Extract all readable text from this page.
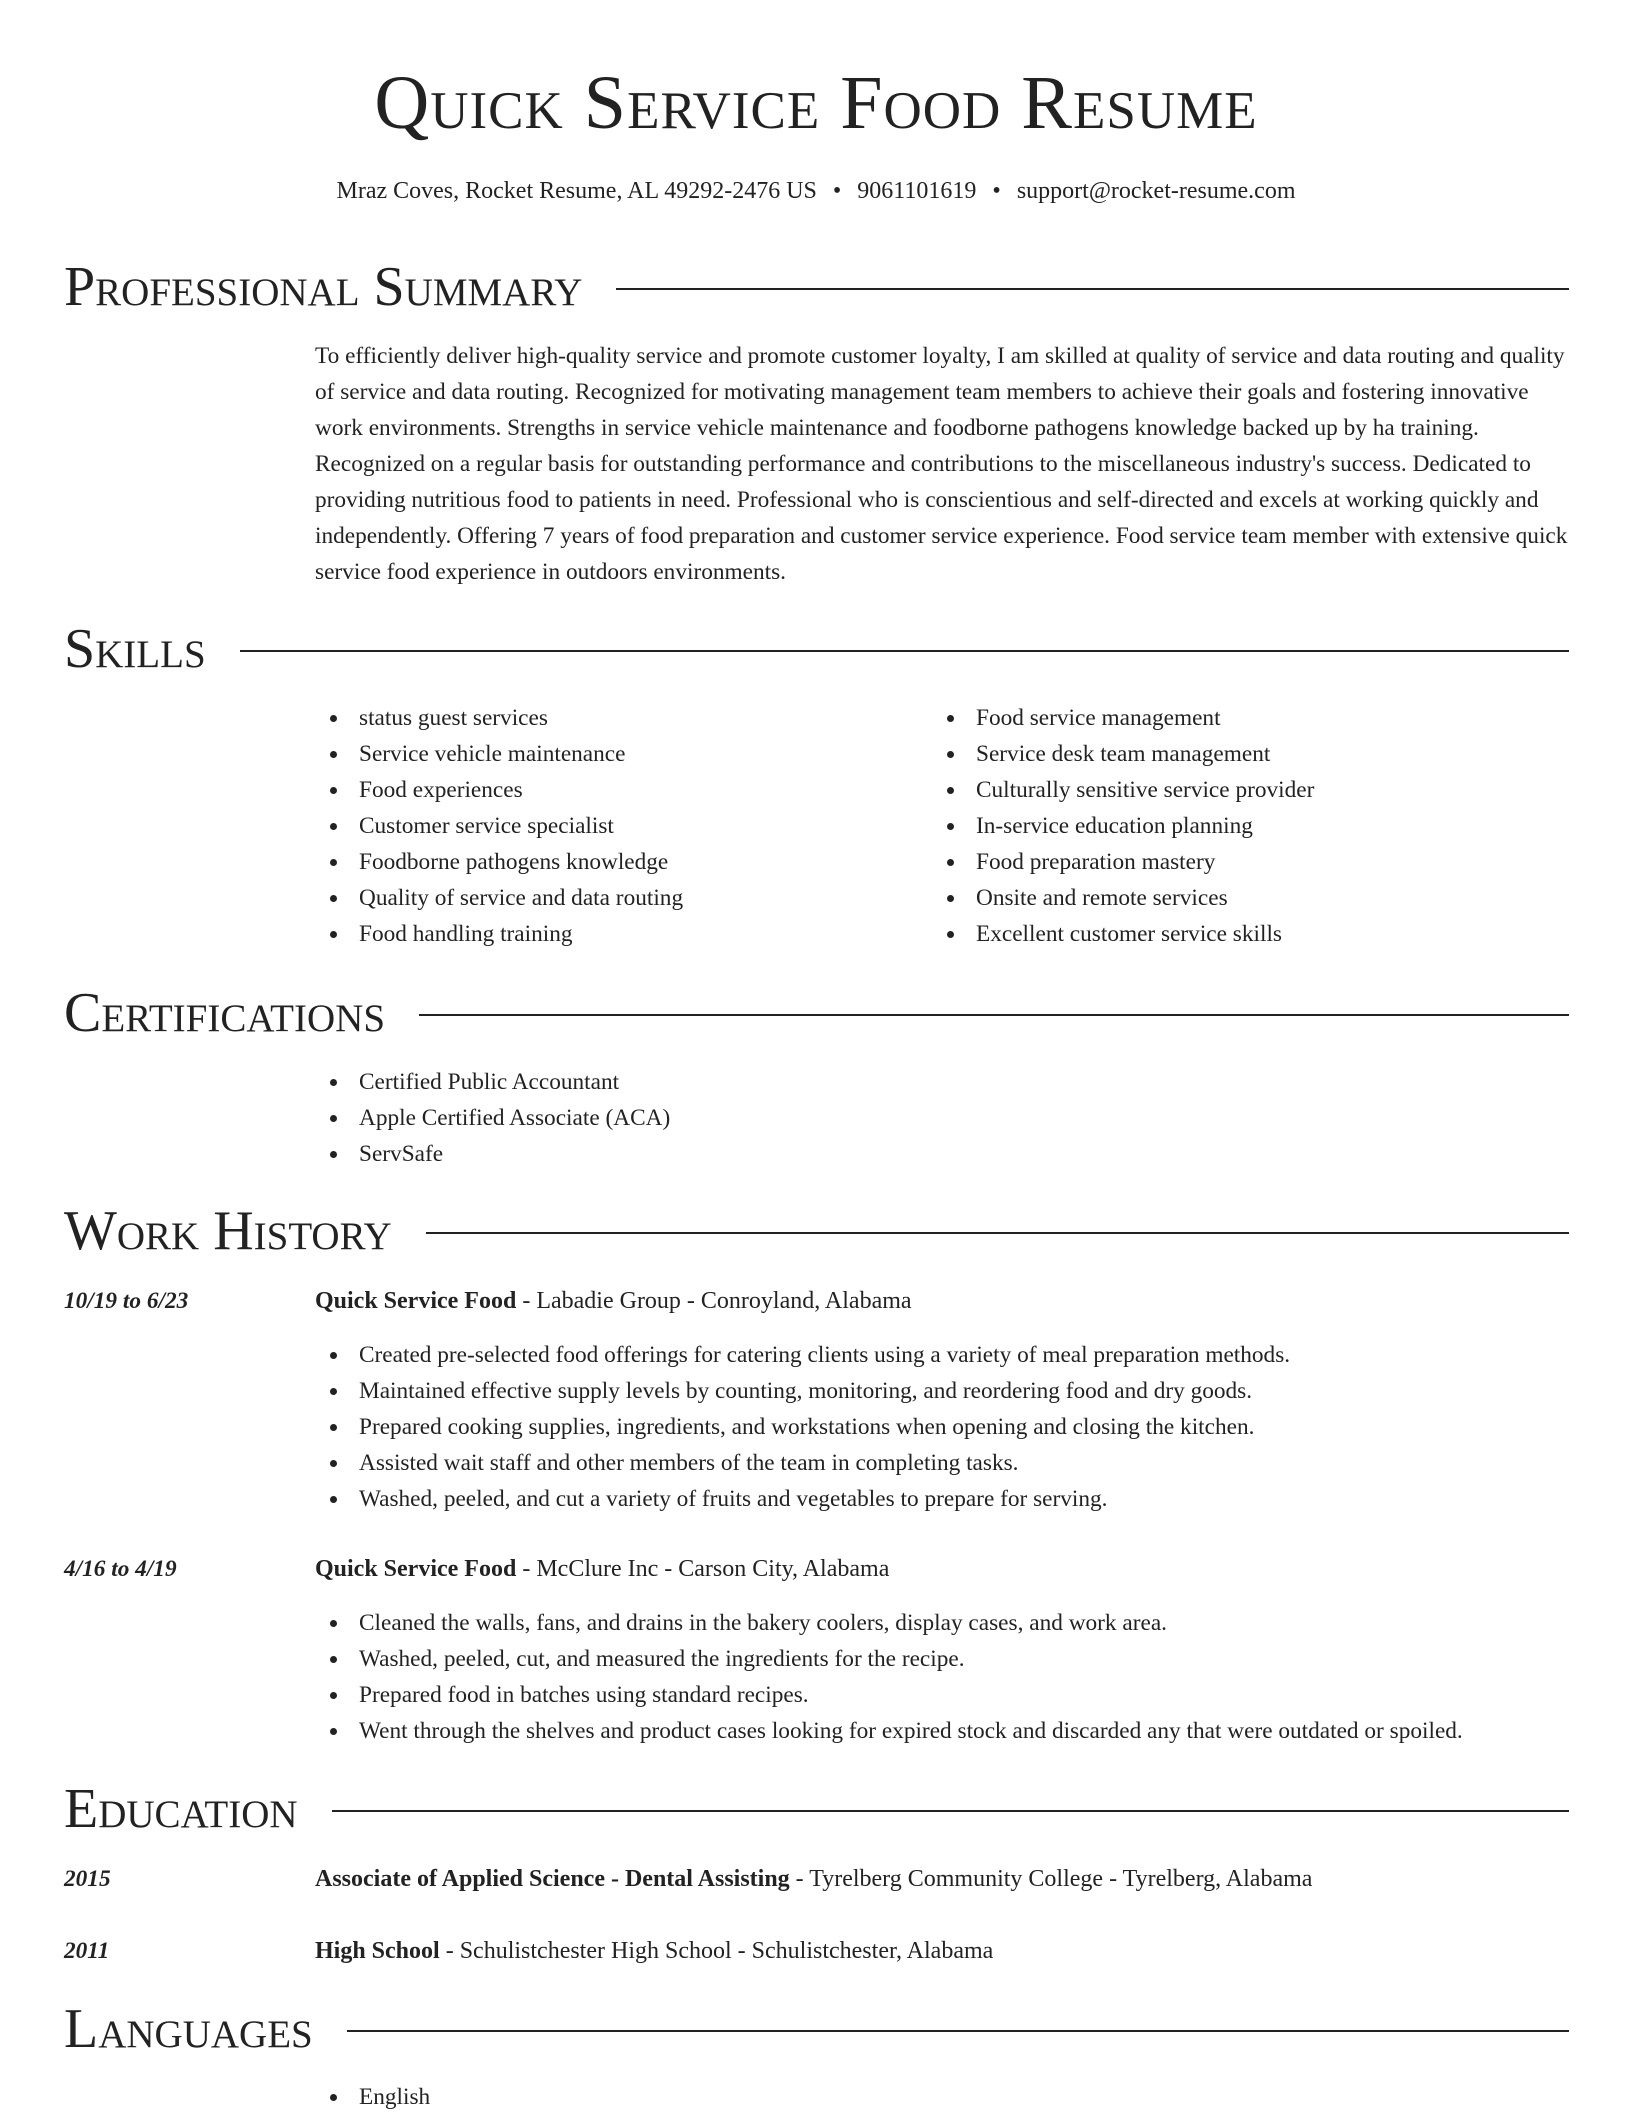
Quick Service Food Resume
Mraz Coves, Rocket Resume, AL 49292-2476 US • 9061101619 • support@rocket-resume.com
Professional Summary
To efficiently deliver high-quality service and promote customer loyalty, I am skilled at quality of service and data routing and quality of service and data routing. Recognized for motivating management team members to achieve their goals and fostering innovative work environments. Strengths in service vehicle maintenance and foodborne pathogens knowledge backed up by ha training. Recognized on a regular basis for outstanding performance and contributions to the miscellaneous industry's success. Dedicated to providing nutritious food to patients in need. Professional who is conscientious and self-directed and excels at working quickly and independently. Offering 7 years of food preparation and customer service experience. Food service team member with extensive quick service food experience in outdoors environments.
Skills
status guest services
Service vehicle maintenance
Food experiences
Customer service specialist
Foodborne pathogens knowledge
Quality of service and data routing
Food handling training
Food service management
Service desk team management
Culturally sensitive service provider
In-service education planning
Food preparation mastery
Onsite and remote services
Excellent customer service skills
Certifications
Certified Public Accountant
Apple Certified Associate (ACA)
ServSafe
Work History
10/19 to 6/23	Quick Service Food - Labadie Group - Conroyland, Alabama
Created pre-selected food offerings for catering clients using a variety of meal preparation methods.
Maintained effective supply levels by counting, monitoring, and reordering food and dry goods.
Prepared cooking supplies, ingredients, and workstations when opening and closing the kitchen.
Assisted wait staff and other members of the team in completing tasks.
Washed, peeled, and cut a variety of fruits and vegetables to prepare for serving.
4/16 to 4/19	Quick Service Food - McClure Inc - Carson City, Alabama
Cleaned the walls, fans, and drains in the bakery coolers, display cases, and work area.
Washed, peeled, cut, and measured the ingredients for the recipe.
Prepared food in batches using standard recipes.
Went through the shelves and product cases looking for expired stock and discarded any that were outdated or spoiled.
Education
2015	Associate of Applied Science - Dental Assisting - Tyrelberg Community College - Tyrelberg, Alabama
2011	High School - Schulistchester High School - Schulistchester, Alabama
Languages
English
